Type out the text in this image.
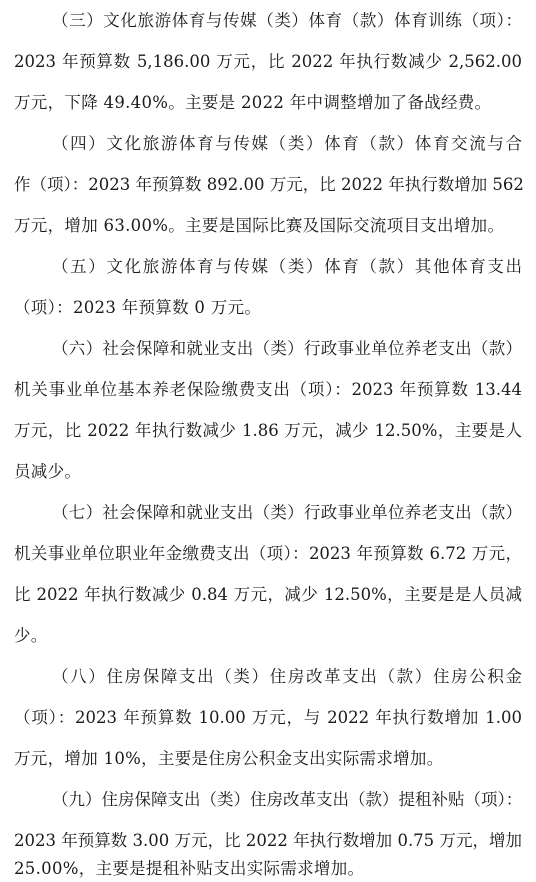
（三）文化旅游体育与传媒（类）体育（款）体育训练（项）：
2023 年预算数 5,186.00 万元，比 2022 年执行数减少 2,562.00
万元，下降 49.40%。主要是 2022 年中调整增加了备战经费。
（四）文化旅游体育与传媒（类）体育（款）体育交流与合
作（项）：2023 年预算数 892.00 万元，比 2022 年执行数增加 562
万元，增加 63.00%。主要是国际比赛及国际交流项目支出增加。
（五）文化旅游体育与传媒（类）体育（款）其他体育支出
（项）：2023 年预算数 0 万元。
（六）社会保障和就业支出（类）行政事业单位养老支出（款）
机关事业单位基本养老保险缴费支出（项）：2023 年预算数 13.44
万元，比 2022 年执行数减少 1.86 万元，减少 12.50%，主要是人
员减少。
（七）社会保障和就业支出（类）行政事业单位养老支出（款）
机关事业单位职业年金缴费支出（项）：2023 年预算数 6.72 万元，
比 2022 年执行数减少 0.84 万元，减少 12.50%，主要是是人员减
少。
（八）住房保障支出（类）住房改革支出（款）住房公积金
（项）：2023 年预算数 10.00 万元，与 2022 年执行数增加 1.00
万元，增加 10%，主要是住房公积金支出实际需求增加。
（九）住房保障支出（类）住房改革支出（款）提租补贴（项）：
2023 年预算数 3.00 万元，比 2022 年执行数增加 0.75 万元，增加
25.00%，主要是提租补贴支出实际需求增加。
